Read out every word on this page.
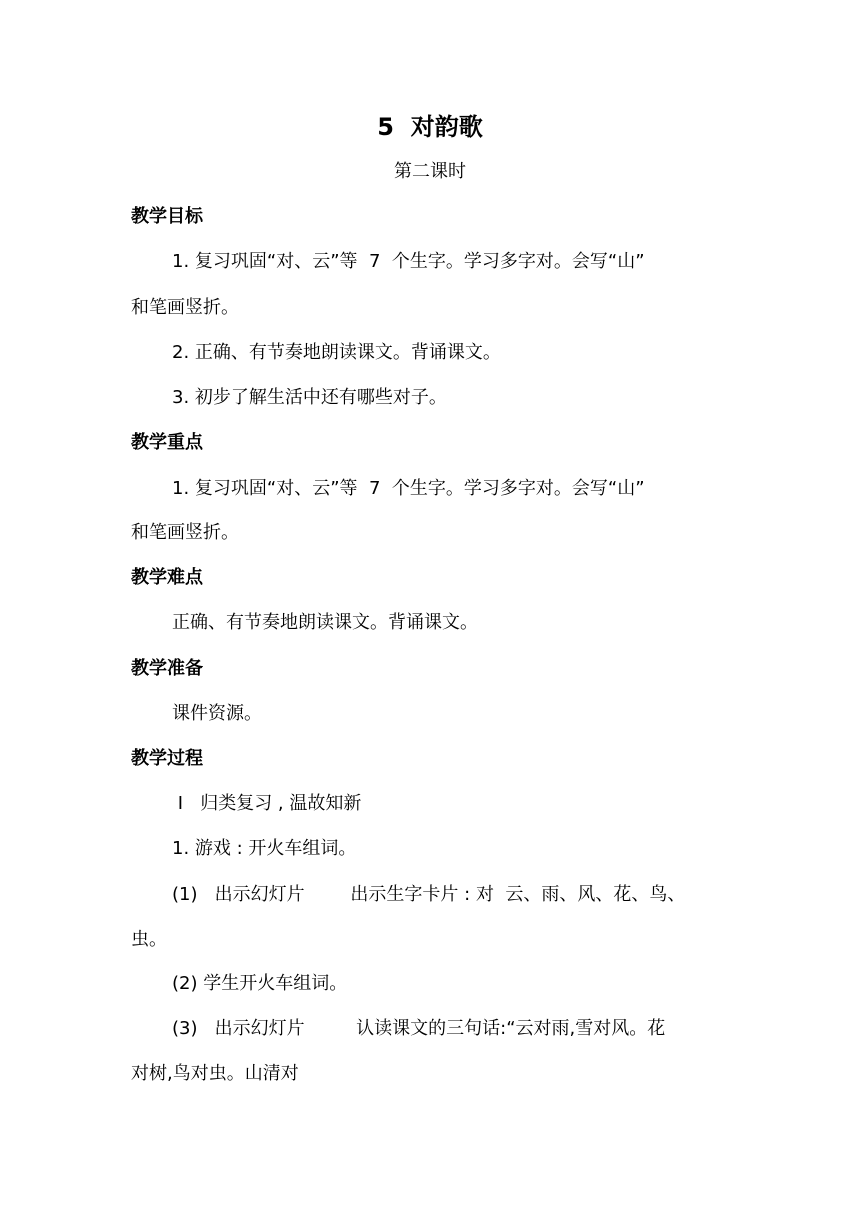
5  对韵歌
第二课时
教学目标
1. 复习巩固“对、云”等  7  个生字。学习多字对。会写“山”
和笔画竖折。
2. 正确、有节奏地朗读课文。背诵课文。
3. 初步了解生活中还有哪些对子。
教学重点
1. 复习巩固“对、云”等  7  个生字。学习多字对。会写“山”
和笔画竖折。
教学难点
正确、有节奏地朗读课文。背诵课文。
教学准备
课件资源。
教学过程
Ⅰ   归类复习 , 温故知新
1. 游戏 : 开火车组词。
(1)   出示幻灯片        出示生字卡片 : 对  云、雨、风、花、鸟、
虫。
(2) 学生开火车组词。
(3)   出示幻灯片         认读课文的三句话:“云对雨,雪对风。花
对树,鸟对虫。山清对
